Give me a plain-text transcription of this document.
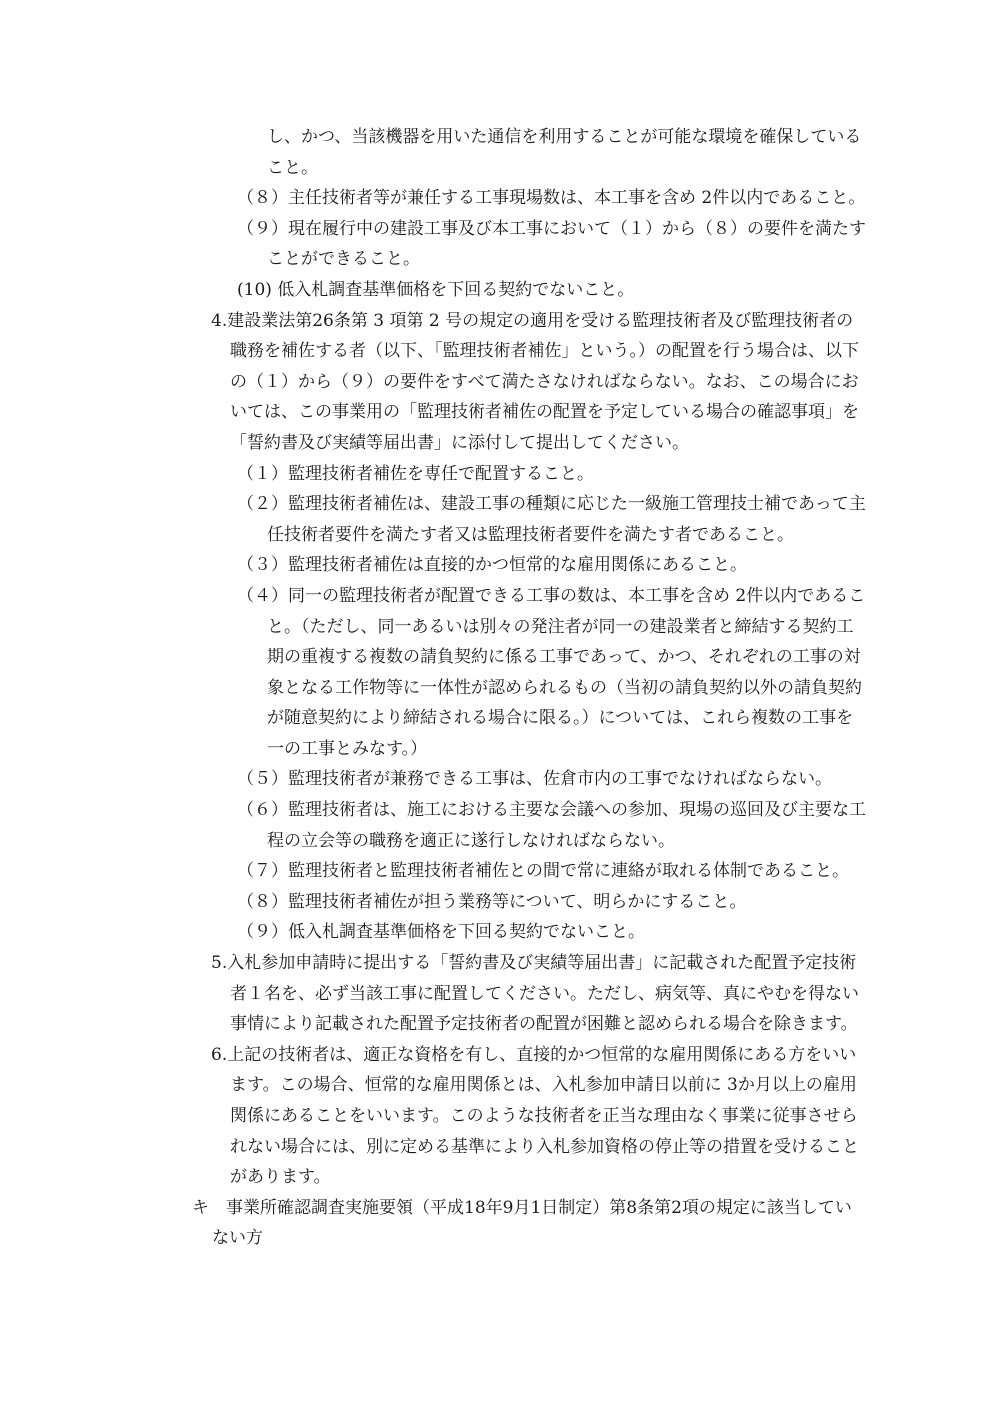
し、かつ、当該機器を用いた通信を利用することが可能な環境を確保していること。

（８）主任技術者等が兼任する工事現場数は、本工事を含め 2件以内であること。

（９）現在履行中の建設工事及び本工事において（１）から（８）の要件を満たすことができること。

(10) 低入札調査基準価格を下回る契約でないこと。

4.建設業法第26条第 3 項第 2 号の規定の適用を受ける監理技術者及び監理技術者の職務を補佐する者（以下、「監理技術者補佐」という。）の配置を行う場合は、以下の（１）から（９）の要件をすべて満たさなければならない。なお、この場合においては、この事業用の「監理技術者補佐の配置を予定している場合の確認事項」を「誓約書及び実績等届出書」に添付して提出してください。

（１）監理技術者補佐を専任で配置すること。

（２）監理技術者補佐は、建設工事の種類に応じた一級施工管理技士補であって主任技術者要件を満たす者又は監理技術者要件を満たす者であること。

（３）監理技術者補佐は直接的かつ恒常的な雇用関係にあること。

（４）同一の監理技術者が配置できる工事の数は、本工事を含め 2件以内であること。（ただし、同一あるいは別々の発注者が同一の建設業者と締結する契約工期の重複する複数の請負契約に係る工事であって、かつ、それぞれの工事の対象となる工作物等に一体性が認められるもの（当初の請負契約以外の請負契約が随意契約により締結される場合に限る。）については、これら複数の工事を一の工事とみなす。）

（５）監理技術者が兼務できる工事は、佐倉市内の工事でなければならない。

（６）監理技術者は、施工における主要な会議への参加、現場の巡回及び主要な工程の立会等の職務を適正に遂行しなければならない。

（７）監理技術者と監理技術者補佐との間で常に連絡が取れる体制であること。

（８）監理技術者補佐が担う業務等について、明らかにすること。

（９）低入札調査基準価格を下回る契約でないこと。

5.入札参加申請時に提出する「誓約書及び実績等届出書」に記載された配置予定技術者１名を、必ず当該工事に配置してください。ただし、病気等、真にやむを得ない事情により記載された配置予定技術者の配置が困難と認められる場合を除きます。

6.上記の技術者は、適正な資格を有し、直接的かつ恒常的な雇用関係にある方をいいます。この場合、恒常的な雇用関係とは、入札参加申請日以前に 3か月以上の雇用関係にあることをいいます。このような技術者を正当な理由なく事業に従事させられない場合には、別に定める基準により入札参加資格の停止等の措置を受けることがあります。

キ　事業所確認調査実施要領（平成18年9月1日制定）第8条第2項の規定に該当していない方
